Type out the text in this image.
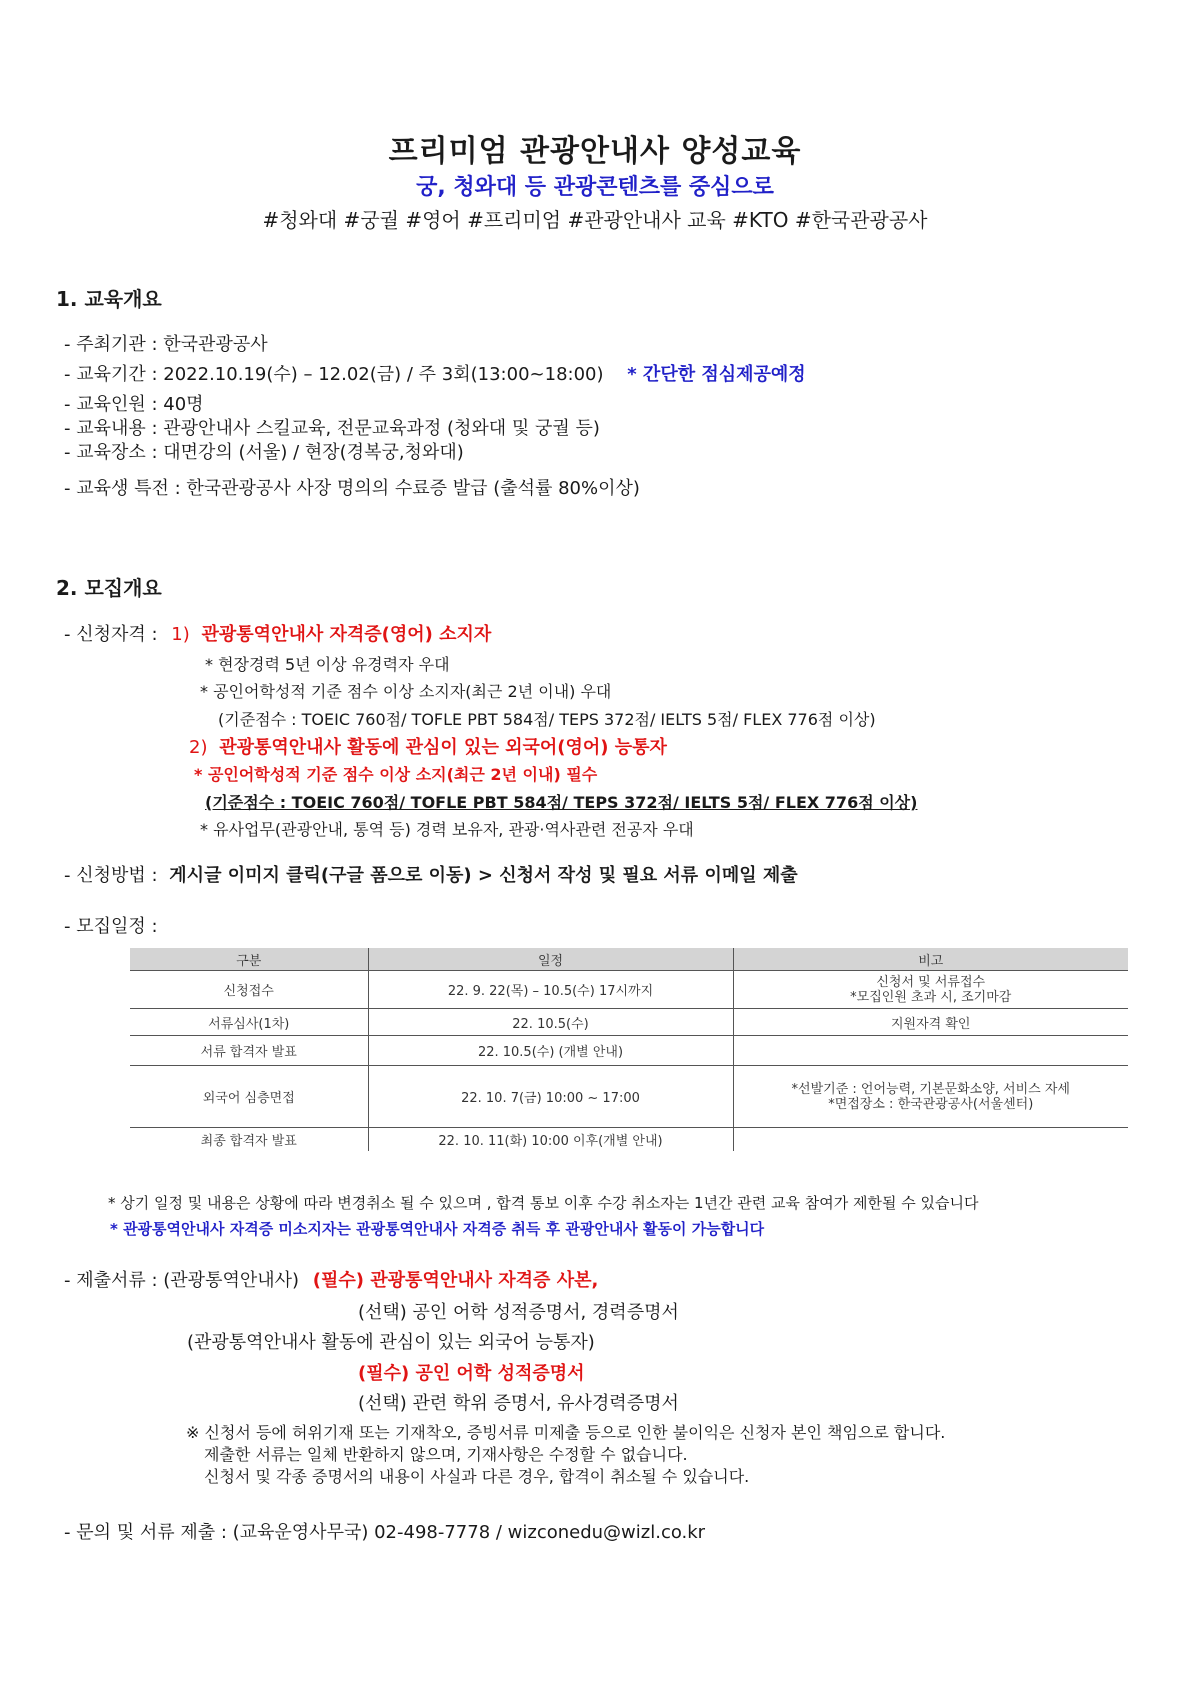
프리미엄 관광안내사 양성교육
궁, 청와대 등 관광콘텐츠를 중심으로
#청와대 #궁궐 #영어 #프리미엄 #관광안내사 교육 #KTO #한국관광공사
1. 교육개요
- 주최기관 : 한국관광공사
- 교육기간 : 2022.10.19(수) – 12.02(금) / 주 3회(13:00~18:00) * 간단한 점심제공예정
- 교육인원 : 40명
- 교육내용 : 관광안내사 스킬교육, 전문교육과정 (청와대 및 궁궐 등)
- 교육장소 : 대면강의 (서울) / 현장(경복궁,청와대)
- 교육생 특전 : 한국관광공사 사장 명의의 수료증 발급 (출석률 80%이상)
2. 모집개요
- 신청자격 : 1) 관광통역안내사 자격증(영어) 소지자
* 현장경력 5년 이상 유경력자 우대
* 공인어학성적 기준 점수 이상 소지자(최근 2년 이내) 우대
(기준점수 : TOEIC 760점/ TOFLE PBT 584점/ TEPS 372점/ IELTS 5점/ FLEX 776점 이상)
2) 관광통역안내사 활동에 관심이 있는 외국어(영어) 능통자
* 공인어학성적 기준 점수 이상 소지(최근 2년 이내) 필수
(기준점수 : TOEIC 760점/ TOFLE PBT 584점/ TEPS 372점/ IELTS 5점/ FLEX 776점 이상)
* 유사업무(관광안내, 통역 등) 경력 보유자, 관광·역사관련 전공자 우대
- 신청방법 : 게시글 이미지 클릭(구글 폼으로 이동) > 신청서 작성 및 필요 서류 이메일 제출
- 모집일정 :
구분	일정	비고
신청접수	22. 9. 22(목) – 10.5(수) 17시까지	신청서 및 서류접수
*모집인원 초과 시, 조기마감

서류심사(1차)	22. 10.5(수)	지원자격 확인
서류 합격자 발표	22. 10.5(수) (개별 안내)	
외국어 심층면접	22. 10. 7(금) 10:00 ~ 17:00	*선발기준 : 언어능력, 기본문화소양, 서비스 자세
*면접장소 : 한국관광공사(서울센터)

최종 합격자 발표	22. 10. 11(화) 10:00 이후(개별 안내)	
* 상기 일정 및 내용은 상황에 따라 변경취소 될 수 있으며 , 합격 통보 이후 수강 취소자는 1년간 관련 교육 참여가 제한될 수 있습니다
* 관광통역안내사 자격증 미소지자는 관광통역안내사 자격증 취득 후 관광안내사 활동이 가능합니다
- 제출서류 : (관광통역안내사) (필수) 관광통역안내사 자격증 사본,
(선택) 공인 어학 성적증명서, 경력증명서
(관광통역안내사 활동에 관심이 있는 외국어 능통자)
(필수) 공인 어학 성적증명서
(선택) 관련 학위 증명서, 유사경력증명서
※ 신청서 등에 허위기재 또는 기재착오, 증빙서류 미제출 등으로 인한 불이익은 신청자 본인 책임으로 합니다.
제출한 서류는 일체 반환하지 않으며, 기재사항은 수정할 수 없습니다.
신청서 및 각종 증명서의 내용이 사실과 다른 경우, 합격이 취소될 수 있습니다.
- 문의 및 서류 제출 : (교육운영사무국) 02-498-7778 / wizconedu@wizl.co.kr
